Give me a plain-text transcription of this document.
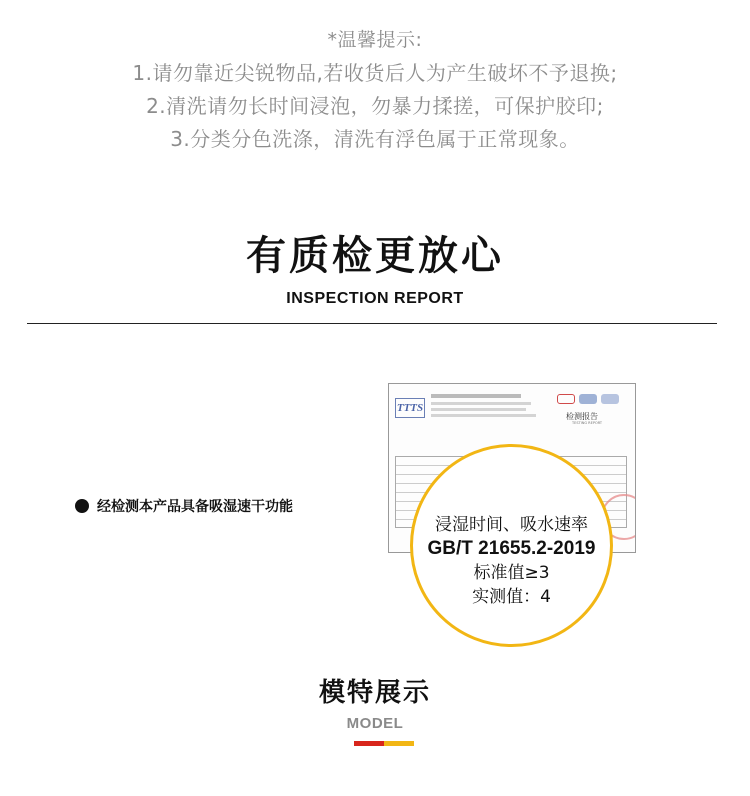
*温馨提示:
1.请勿靠近尖锐物品,若收货后人为产生破坏不予退换;
2.清洗请勿长时间浸泡，勿暴力揉搓，可保护胶印;
3.分类分色洗涤，清洗有浮色属于正常现象。
有质检更放心
INSPECTION REPORT
经检测本产品具备吸湿速干功能
TTTS
检测报告
TESTING REPORT
浸湿时间、吸水速率
GB/T 21655.2-2019
标准值≥3
实测值：4
模特展示
MODEL
